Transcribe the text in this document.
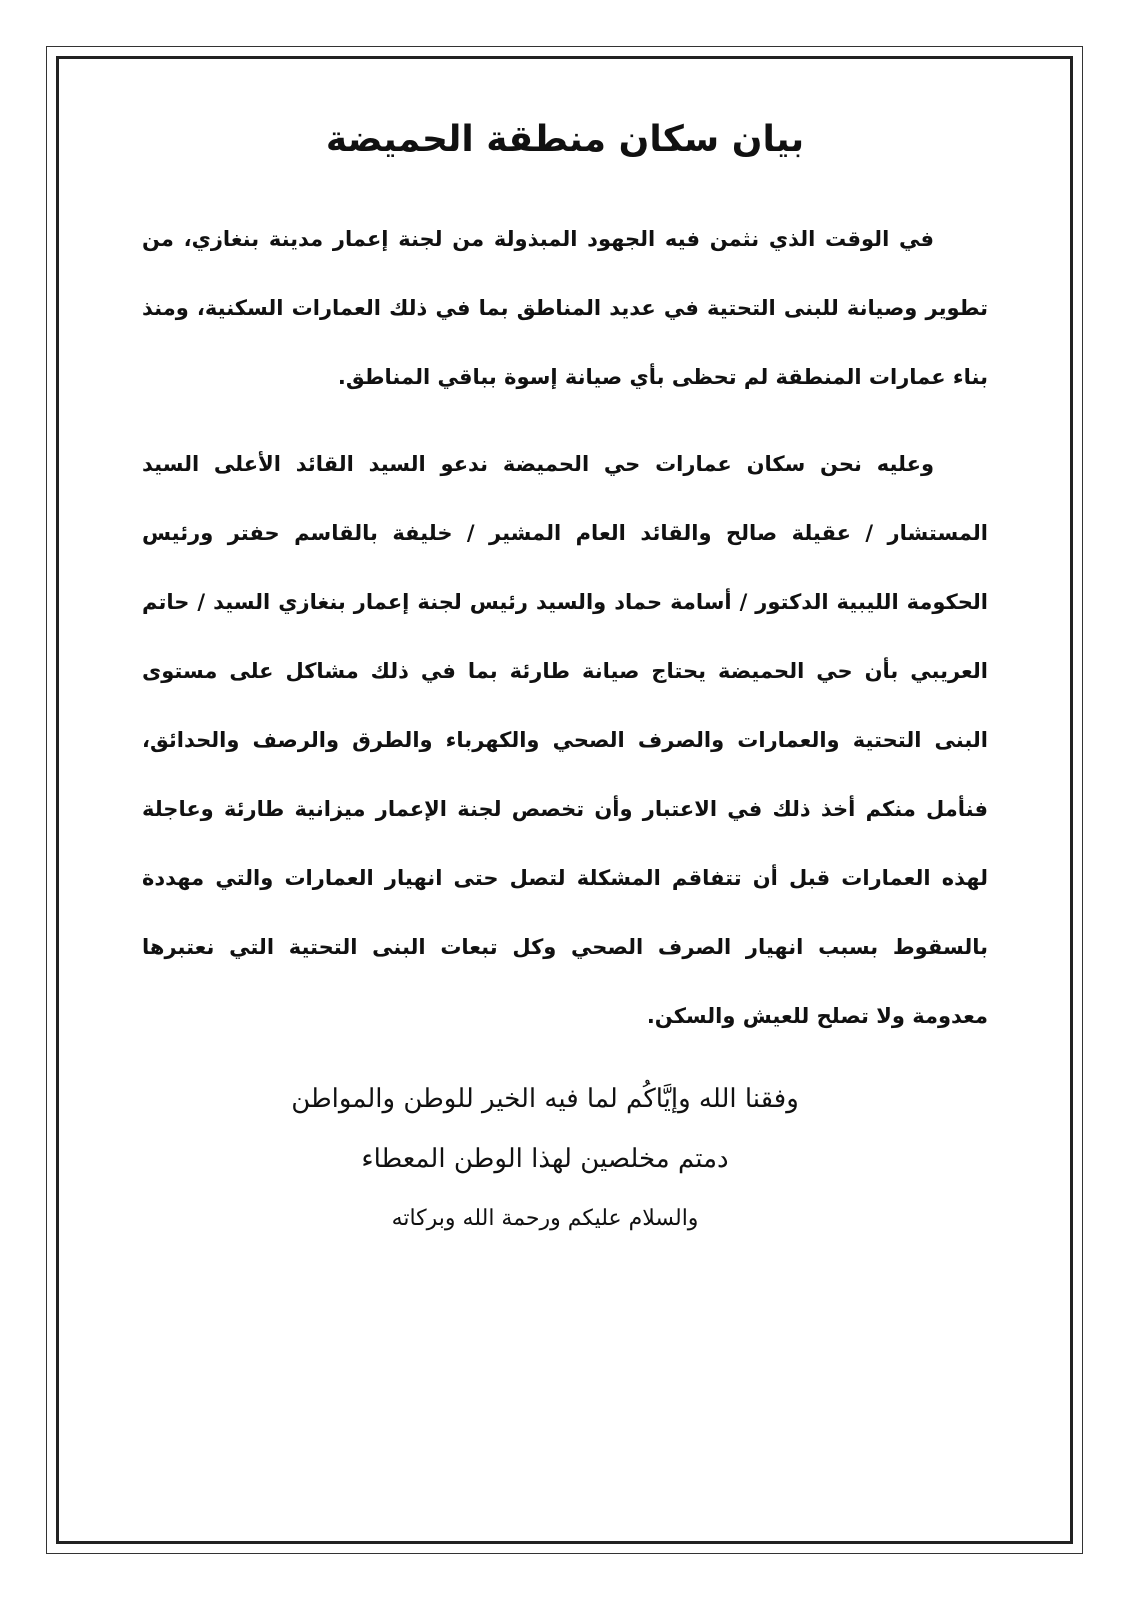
بيان سكان منطقة الحميضة

في الوقت الذي نثمن فيه الجهود المبذولة من لجنة إعمار مدينة بنغازي، من تطوير وصيانة للبنى التحتية في عديد المناطق بما في ذلك العمارات السكنية، ومنذ بناء عمارات المنطقة لم تحظى بأي صيانة إسوة بباقي المناطق.

وعليه نحن سكان عمارات حي الحميضة ندعو السيد القائد الأعلى السيد المستشار / عقيلة صالح والقائد العام المشير / خليفة بالقاسم حفتر ورئيس الحكومة الليبية الدكتور / أسامة حماد والسيد رئيس لجنة إعمار بنغازي السيد / حاتم العريبي بأن حي الحميضة يحتاج صيانة طارئة بما في ذلك مشاكل على مستوى البنى التحتية والعمارات والصرف الصحي والكهرباء والطرق والرصف والحدائق، فنأمل منكم أخذ ذلك في الاعتبار وأن تخصص لجنة الإعمار ميزانية طارئة وعاجلة لهذه العمارات قبل أن تتفاقم المشكلة لتصل حتى انهيار العمارات والتي مهددة بالسقوط بسبب انهيار الصرف الصحي وكل تبعات البنى التحتية التي نعتبرها معدومة ولا تصلح للعيش والسكن.

وفقنا الله وإيَّاكُم لما فيه الخير للوطن والمواطن
دمتم مخلصين لهذا الوطن المعطاء
والسلام عليكم ورحمة الله وبركاته
